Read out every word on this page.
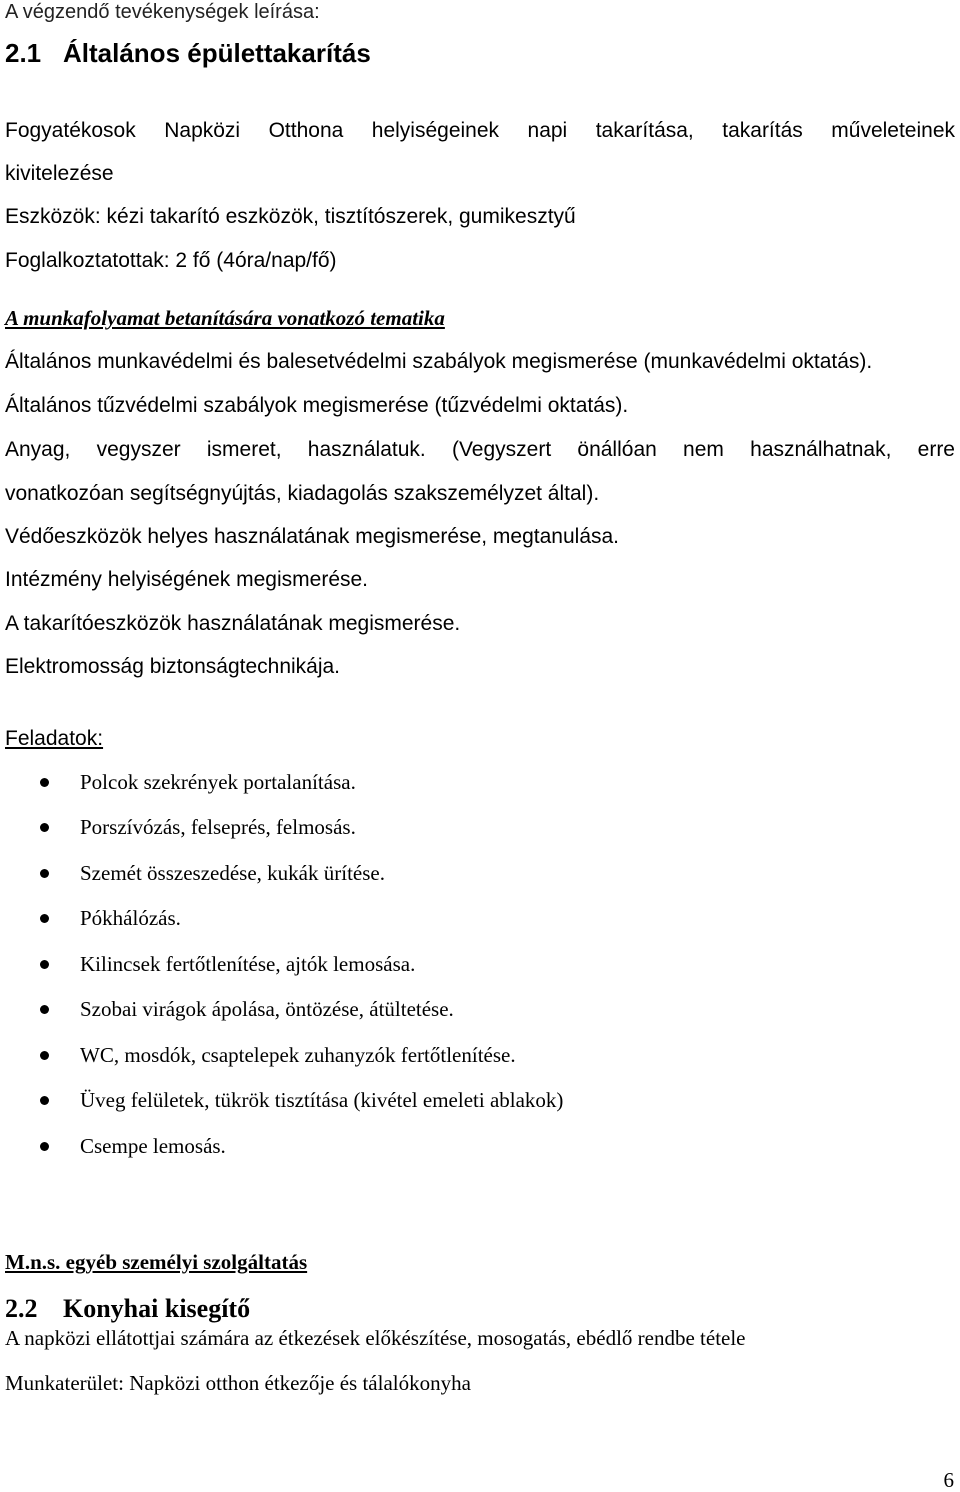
A végzendő tevékenységek leírása:
2.1 Általános épülettakarítás
Fogyatékosok Napközi Otthona helyiségeinek napi takarítása, takarítás műveleteinek
kivitelezése
Eszközök: kézi takarító eszközök, tisztítószerek, gumikesztyű
Foglalkoztatottak: 2 fő (4óra/nap/fő)
A munkafolyamat betanítására vonatkozó tematika
Általános munkavédelmi és balesetvédelmi szabályok megismerése (munkavédelmi oktatás).
Általános tűzvédelmi szabályok megismerése (tűzvédelmi oktatás).
Anyag, vegyszer ismeret, használatuk. (Vegyszert önállóan nem használhatnak, erre
vonatkozóan segítségnyújtás, kiadagolás szakszemélyzet által).
Védőeszközök helyes használatának megismerése, megtanulása.
Intézmény helyiségének megismerése.
A takarítóeszközök használatának megismerése.
Elektromosság biztonságtechnikája.
Feladatok:
Polcok szekrények portalanítása.
Porszívózás, felseprés, felmosás.
Szemét összeszedése, kukák ürítése.
Pókhálózás.
Kilincsek fertőtlenítése, ajtók lemosása.
Szobai virágok ápolása, öntözése, átültetése.
WC, mosdók, csaptelepek zuhanyzók fertőtlenítése.
Üveg felületek, tükrök tisztítása (kivétel emeleti ablakok)
Csempe lemosás.
M.n.s. egyéb személyi szolgáltatás
2.2 Konyhai kisegítő
A napközi ellátottjai számára az étkezések előkészítése, mosogatás, ebédlő rendbe tétele
Munkaterület: Napközi otthon étkezője és tálalókonyha
6
